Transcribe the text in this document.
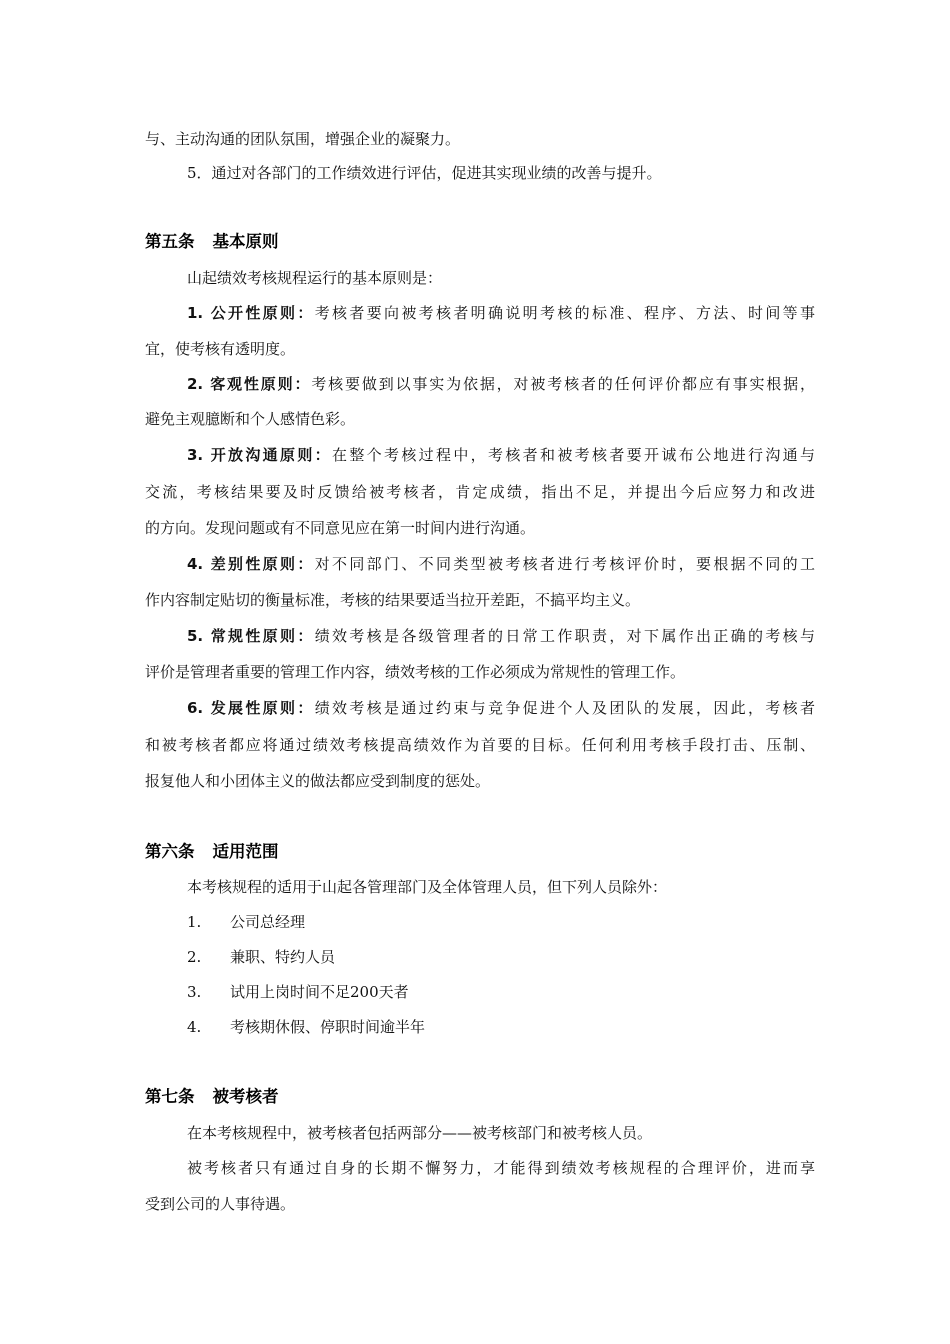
与、主动沟通的团队氛围，增强企业的凝聚力。
5．通过对各部门的工作绩效进行评估，促进其实现业绩的改善与提升。
第五条 基本原则
山起绩效考核规程运行的基本原则是：
1. 公开性原则：考核者要向被考核者明确说明考核的标准、程序、方法、时间等事
宜，使考核有透明度。
2. 客观性原则：考核要做到以事实为依据，对被考核者的任何评价都应有事实根据，
避免主观臆断和个人感情色彩。
3. 开放沟通原则：在整个考核过程中，考核者和被考核者要开诚布公地进行沟通与
交流，考核结果要及时反馈给被考核者，肯定成绩，指出不足，并提出今后应努力和改进
的方向。发现问题或有不同意见应在第一时间内进行沟通。
4. 差别性原则：对不同部门、不同类型被考核者进行考核评价时，要根据不同的工
作内容制定贴切的衡量标准，考核的结果要适当拉开差距，不搞平均主义。
5. 常规性原则：绩效考核是各级管理者的日常工作职责，对下属作出正确的考核与
评价是管理者重要的管理工作内容，绩效考核的工作必须成为常规性的管理工作。
6. 发展性原则：绩效考核是通过约束与竞争促进个人及团队的发展，因此，考核者
和被考核者都应将通过绩效考核提高绩效作为首要的目标。任何利用考核手段打击、压制、
报复他人和小团体主义的做法都应受到制度的惩处。
第六条 适用范围
本考核规程的适用于山起各管理部门及全体管理人员，但下列人员除外：
1. 公司总经理
2. 兼职、特约人员
3. 试用上岗时间不足200天者
4. 考核期休假、停职时间逾半年
第七条 被考核者
在本考核规程中，被考核者包括两部分——被考核部门和被考核人员。
被考核者只有通过自身的长期不懈努力，才能得到绩效考核规程的合理评价，进而享
受到公司的人事待遇。
